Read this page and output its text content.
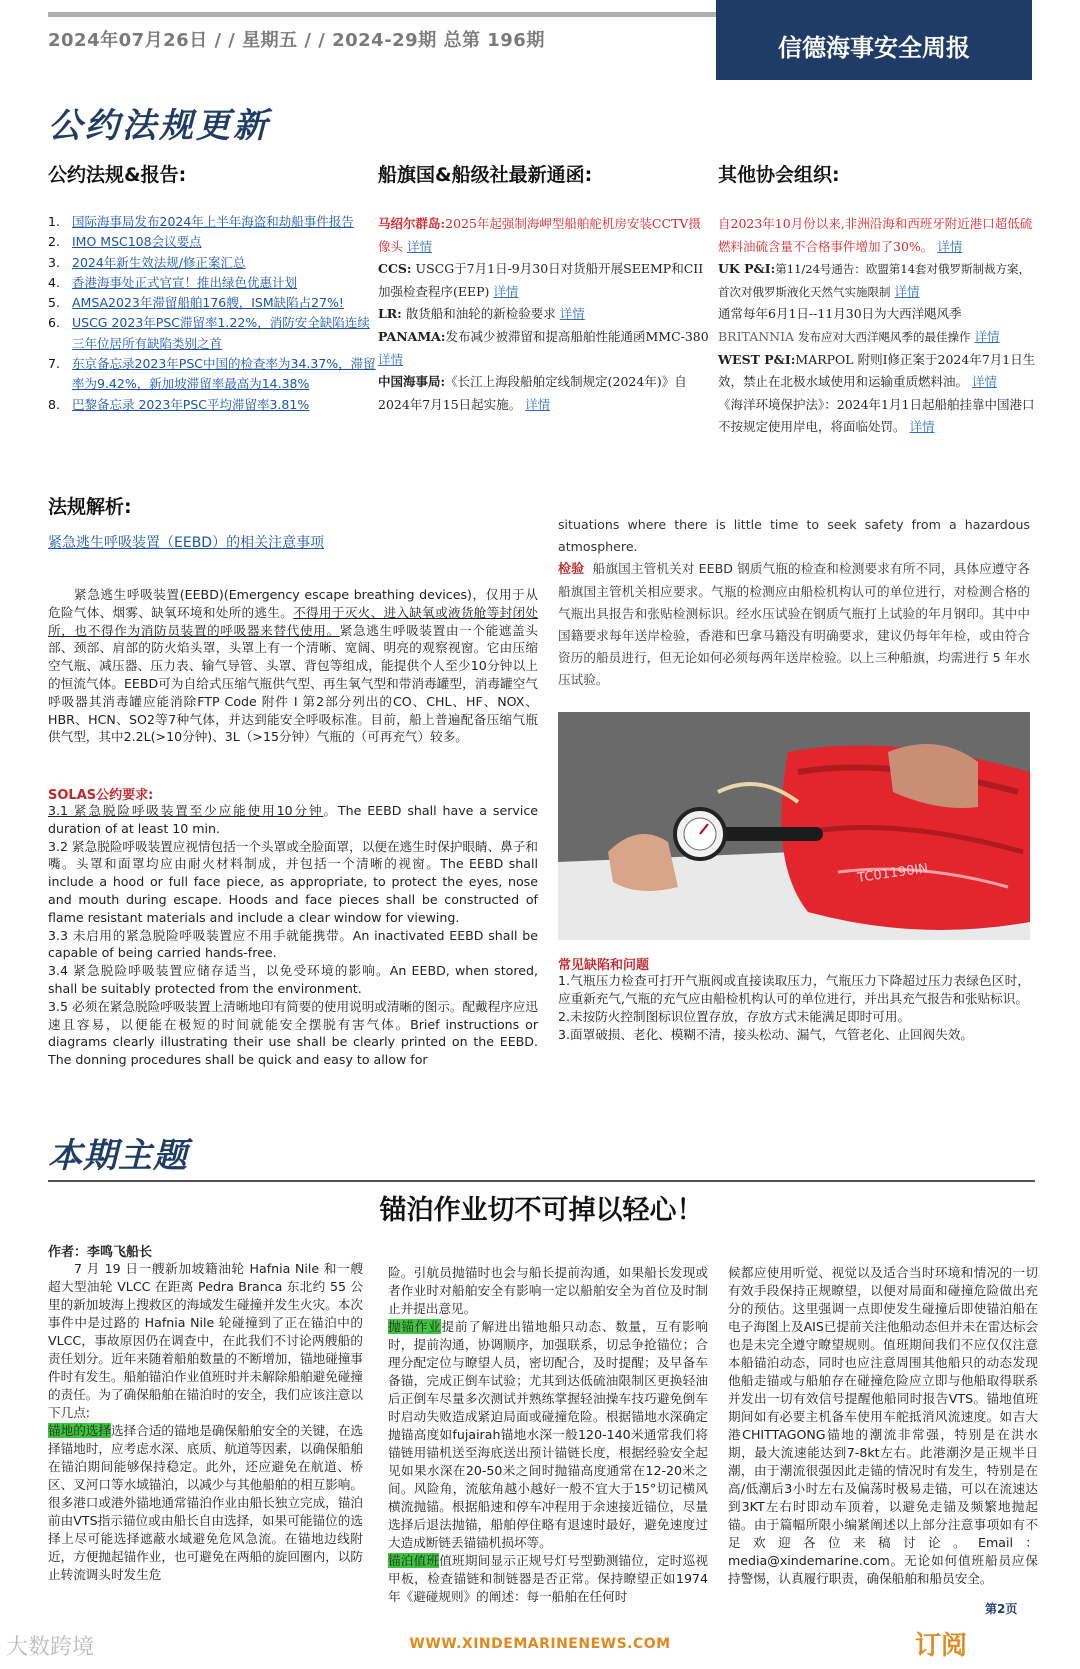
2024年07月26日 / / 星期五 / / 2024-29期 总第 196期	信德海事安全周报
公约法规更新
公约法规&报告:	船旗国&船级社最新通函:	其他协会组织:
1. 国际海事局发布2024年上半年海盗和劫船事件报告
2. IMO MSC108会议要点
3. 2024年新生效法规/修正案汇总
4. 香港海事处正式官宣！推出绿色优惠计划
5. AMSA2023年滞留船舶176艘，ISM缺陷占27%!
6. USCG 2023年PSC滞留率1.22%，消防安全缺陷连续三年位居所有缺陷类别之首
7. 东京备忘录2023年PSC中国的检查率为34.37%，滞留率为9.42%，新加坡滞留率最高为14.38%
8. 巴黎备忘录 2023年PSC平均滞留率3.81%

马绍尔群岛:2025年起强制海岬型船舶舵机房安装CCTV摄像头 详情

CCS: USCG于7月1日-9月30日对货船开展SEEMP和CII加强检查程序(EEP) 详情

LR: 散货船和油轮的新检验要求 详情

PANAMA:发布减少被滞留和提高船舶性能通函MMC-380 详情

中国海事局:《长江上海段船舶定线制规定(2024年)》自2024年7月15日起实施。 详情

自2023年10月份以来,非洲沿海和西班牙附近港口超低硫燃料油硫含量不合格事件增加了30%。 详情

UK P&I:第11/24号通告：欧盟第14套对俄罗斯制裁方案，首次对俄罗斯液化天然气实施限制 详情

通常每年6月1日--11月30日为大西洋飓风季

BRITANNIA 发布应对大西洋飓风季的最佳操作 详情

WEST P&I:MARPOL 附则I修正案于2024年7月1日生效，禁止在北极水域使用和运输重质燃料油。 详情

《海洋环境保护法》：2024年1月1日起船舶挂靠中国港口不按规定使用岸电，将面临处罚。 详情

法规解析:
紧急逃生呼吸装置（EEBD）的相关注意事项
紧急逃生呼吸装置(EEBD)(Emergency escape breathing devices)，仅用于从危险气体、烟雾、缺氧环境和处所的逃生。不得用于灭火、进入缺氧或液货舱等封闭处所，也不得作为消防员装置的呼吸器来替代使用。紧急逃生呼吸装置由一个能遮盖头部、颈部、肩部的防火焰头罩，头罩上有一个清晰、宽阔、明亮的观察视窗。它由压缩空气瓶、减压器、压力表、输气导管、头罩、背包等组成，能提供个人至少10分钟以上的恒流气体。EEBD可为自给式压缩气瓶供气型、再生氧气型和带消毒罐型，消毒罐空气呼吸器其消毒罐应能消除FTP Code 附件 I 第2部分列出的CO、CHL、HF、NOX、HBR、HCN、SO2等7种气体，并达到能安全呼吸标准。目前，船上普遍配备压缩气瓶供气型，其中2.2L(>10分钟)、3L（>15分钟）气瓶的（可再充气）较多。
SOLAS公约要求:

3.1 紧急脱险呼吸装置至少应能使用10分钟。The EEBD shall have a service duration of at least 10 min.

3.2 紧急脱险呼吸装置应视情包括一个头罩或全脸面罩，以便在逃生时保护眼睛、鼻子和嘴。头罩和面罩均应由耐火材料制成，并包括一个清晰的视窗。The EEBD shall include a hood or full face piece, as appropriate, to protect the eyes, nose and mouth during escape. Hoods and face pieces shall be constructed of flame resistant materials and include a clear window for viewing.

3.3 未启用的紧急脱险呼吸装置应不用手就能携带。An inactivated EEBD shall be capable of being carried hands-free.

3.4 紧急脱险呼吸装置应储存适当，以免受环境的影响。An EEBD, when stored, shall be suitably protected from the environment.

3.5 必须在紧急脱险呼吸装置上清晰地印有简要的使用说明或清晰的图示。配戴程序应迅速且容易，以便能在极短的时间就能安全摆脱有害气体。Brief instructions or diagrams clearly illustrating their use shall be clearly printed on the EEBD. The donning procedures shall be quick and easy to allow for

situations where there is little time to seek safety from a hazardous atmosphere.

检验 船旗国主管机关对 EEBD 钢质气瓶的检查和检测要求有所不同，具体应遵守各船旗国主管机关相应要求。气瓶的检测应由船检机构认可的单位进行，对检测合格的气瓶出具报告和张贴检测标识。经水压试验在钢质气瓶打上试验的年月钢印。其中中国籍要求每年送岸检验，香港和巴拿马籍没有明确要求，建议仍每年年检，或由符合资历的船员进行，但无论如何必须每两年送岸检验。以上三种船旗，均需进行 5 年水压试验。

TC01190IN
常见缺陷和问题

1.气瓶压力检查可打开气瓶阀或直接读取压力，气瓶压力下降超过压力表绿色区时，应重新充气,气瓶的充气应由船检机构认可的单位进行，并出具充气报告和张贴标识。

2.未按防火控制图标识位置存放，存放方式未能满足即时可用。

3.面罩破损、老化、模糊不清，接头松动、漏气，气管老化、止回阀失效。

本期主题
锚泊作业切不可掉以轻心！
作者：李鸣飞船长

7 月 19 日一艘新加坡籍油轮 Hafnia Nile 和一艘超大型油轮 VLCC 在距离 Pedra Branca 东北约 55 公里的新加坡海上搜救区的海域发生碰撞并发生火灾。本次事件中是过路的 Hafnia Nile 轮碰撞到了正在锚泊中的 VLCC，事故原因仍在调查中，在此我们不讨论两艘船的责任划分。近年来随着船舶数量的不断增加，锚地碰撞事件时有发生。船舶锚泊作业值班时并未解除船舶避免碰撞的责任。为了确保船舶在锚泊时的安全，我们应该注意以下几点:

锚地的选择选择合适的锚地是确保船舶安全的关键，在选择锚地时，应考虑水深、底质、航道等因素，以确保船舶在锚泊期间能够保持稳定。此外，还应避免在航道、桥区、叉河口等水域锚泊，以减少与其他船舶的相互影响。很多港口或港外锚地通常锚泊作业由船长独立完成，锚泊前由VTS指示锚位或由船长自由选择，如果可能锚位的选择上尽可能选择遮蔽水域避免危风急流。在锚地边线附近，方便抛起锚作业，也可避免在两船的旋回圈内，以防止转流调头时发生危

险。引航员抛锚时也会与船长提前沟通，如果船长发现或者作业时对船舶安全有影响一定以船舶安全为首位及时制止并提出意见。

抛锚作业提前了解进出锚地船只动态、数量，互有影响时，提前沟通，协调顺序，加强联系，切忌争抢锚位；合理分配定位与瞭望人员，密切配合，及时提醒；及早备车备锚，完成正倒车试验；尤其到达低硫油限制区更换轻油后正倒车尽量多次测试并熟练掌握轻油操车技巧避免倒车时启动失败造成紧迫局面或碰撞危险。根据锚地水深确定抛锚高度如fujairah锚地水深一般120-140米通常我们将锚链用锚机送至海底送出预计锚链长度，根据经验安全起见如果水深在20-50米之间时抛锚高度通常在12-20米之间。风险角，流舷角越小越好一般不宜大于15°切记横风横流抛锚。根据船速和停车冲程用于余速接近锚位，尽量选择后退法抛锚，船舶停住略有退速时最好，避免速度过大造成断链丢锚锚机损坏等。

锚泊值班值班期间显示正规号灯号型勤测锚位，定时巡视甲板，检查锚链和制链器是否正常。保持瞭望正如1974年《避碰规则》的阐述：每一船舶在任何时

候都应使用听觉、视觉以及适合当时环境和情况的一切有效手段保持正规瞭望，以便对局面和碰撞危险做出充分的预估。这里强调一点即使发生碰撞后即使锚泊船在电子海图上及AIS已提前关注他船动态但并未在雷达标会也是未完全遵守瞭望规则。值班期间我们不应仅仅注意本船锚泊动态，同时也应注意周围其他船只的动态发现他船走锚或与船舶存在碰撞危险应立即与他船取得联系并发出一切有效信号提醒他船同时报告VTS。锚地值班期间如有必要主机备车使用车舵抵消风流速度。如吉大港CHITTAGONG锚地的潮流非常强，特别是在洪水期，最大流速能达到7-8kt左右。此港潮汐是正规半日潮，由于潮流很强因此走锚的情况时有发生，特别是在高/低潮后3小时左右及偏荡时极易走锚，可以在流速达到3KT左右时即动车顶着，以避免走锚及频繁地抛起锚。由于篇幅所限小编紧阐述以上部分注意事项如有不足欢迎各位来稿讨论。Email：media@xindemarine.com。无论如何值班船员应保持警惕，认真履行职责，确保船舶和船员安全。

第2页
WWW.XINDEMARINENEWS.COM	订阅
大数跨境
